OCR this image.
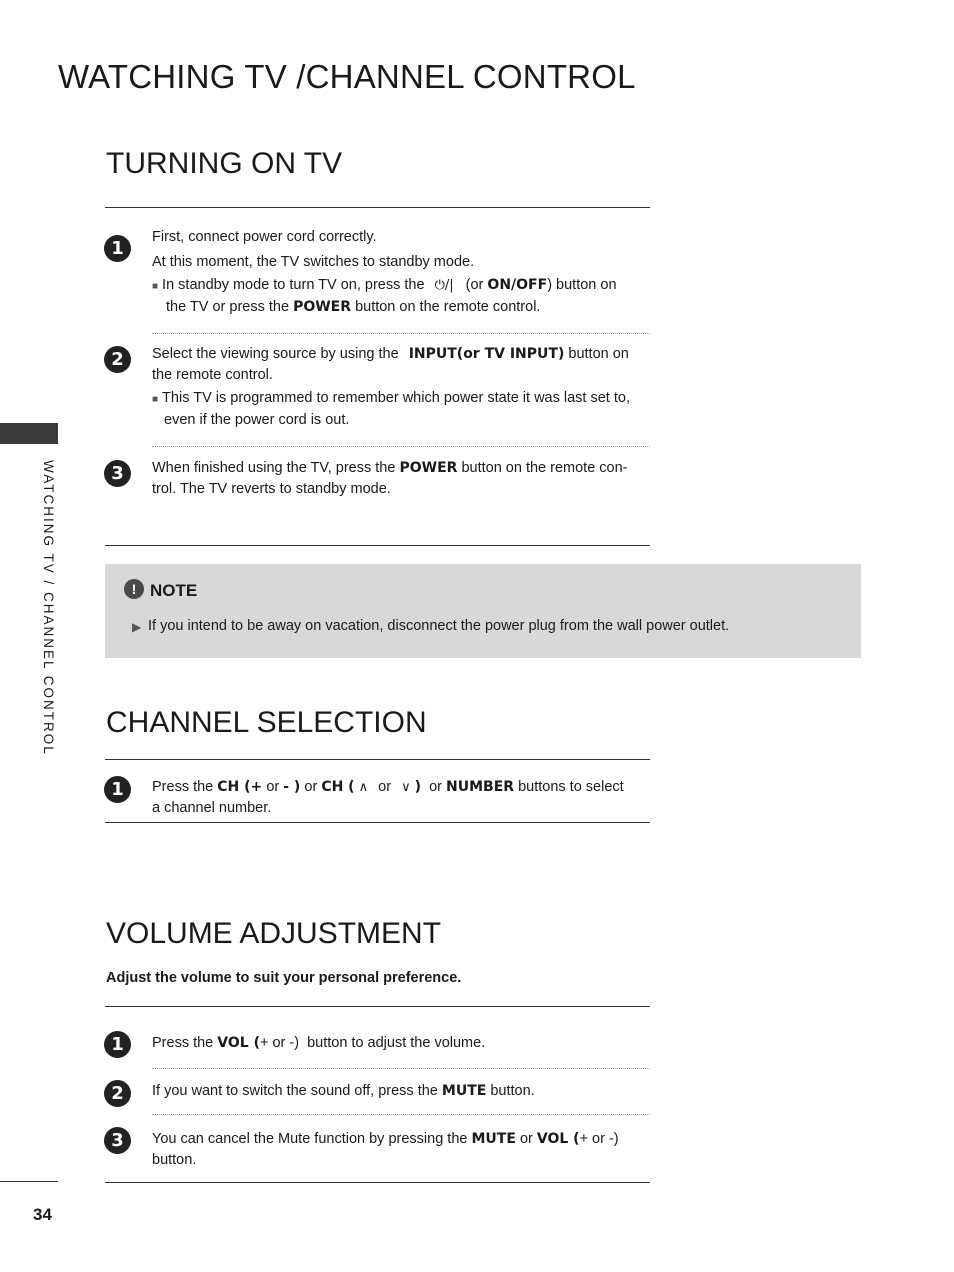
WATCHING TV /CHANNEL CONTROL
WATCHING TV / CHANNEL CONTROL
34
TURNING ON TV
1
First, connect power cord correctly.
At this moment, the TV switches to standby mode.
■ In standby mode to turn TV on, press the ⏻/| (or ON/OFF) button on
the TV or press the POWER button on the remote control.
2	Select the viewing source by using the INPUT(or TV INPUT) button on
the remote control.
■ This TV is programmed to remember which power state it was last set to,
even if the power cord is out.
3	When finished using the TV, press the POWER button on the remote con-
trol. The TV reverts to standby mode.
! NOTE
▶ If you intend to be away on vacation, disconnect the power plug from the wall power outlet.
CHANNEL SELECTION
1	Press the CH (+ or - ) or CH ( ∧ or ∨ ) or NUMBER buttons to select
a channel number.
VOLUME ADJUSTMENT
Adjust the volume to suit your personal preference.
1	Press the VOL (+ or -) button to adjust the volume.
2	If you want to switch the sound off, press the MUTE button.
3	You can cancel the Mute function by pressing the MUTE or VOL (+ or -)
button.
